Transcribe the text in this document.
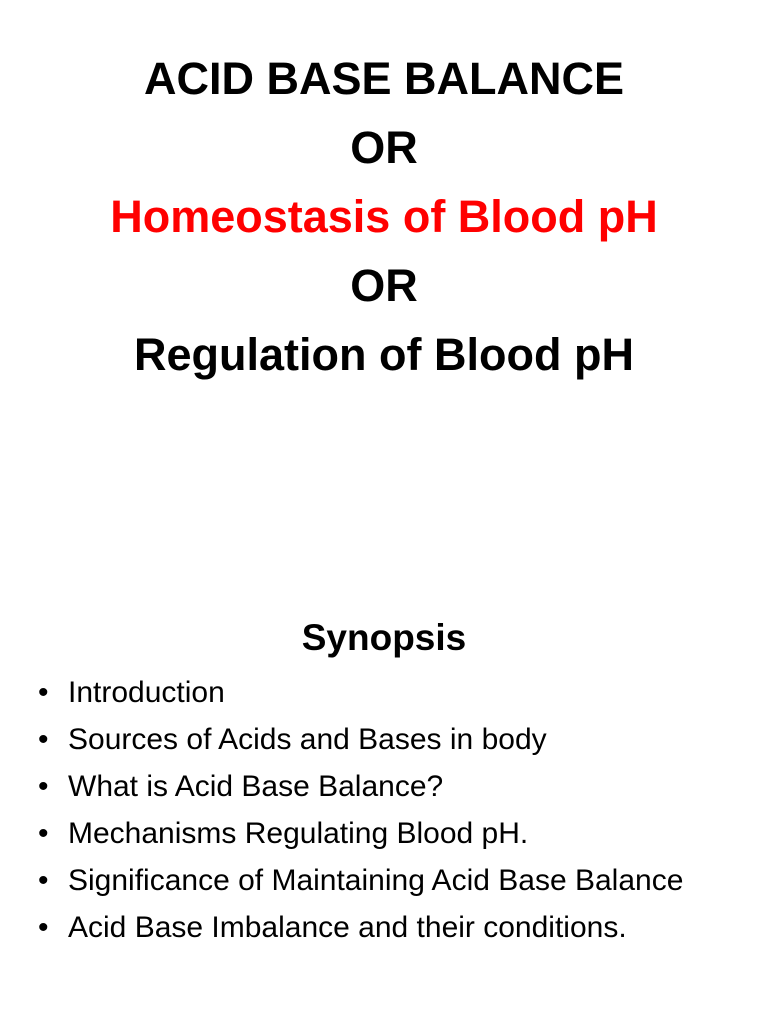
ACID BASE BALANCE
OR
Homeostasis of Blood pH
OR
Regulation of Blood pH
Synopsis
• Introduction
• Sources of Acids and Bases in body
• What is Acid Base Balance?
• Mechanisms Regulating Blood pH.
• Significance of Maintaining Acid Base Balance
• Acid Base Imbalance and their conditions.
